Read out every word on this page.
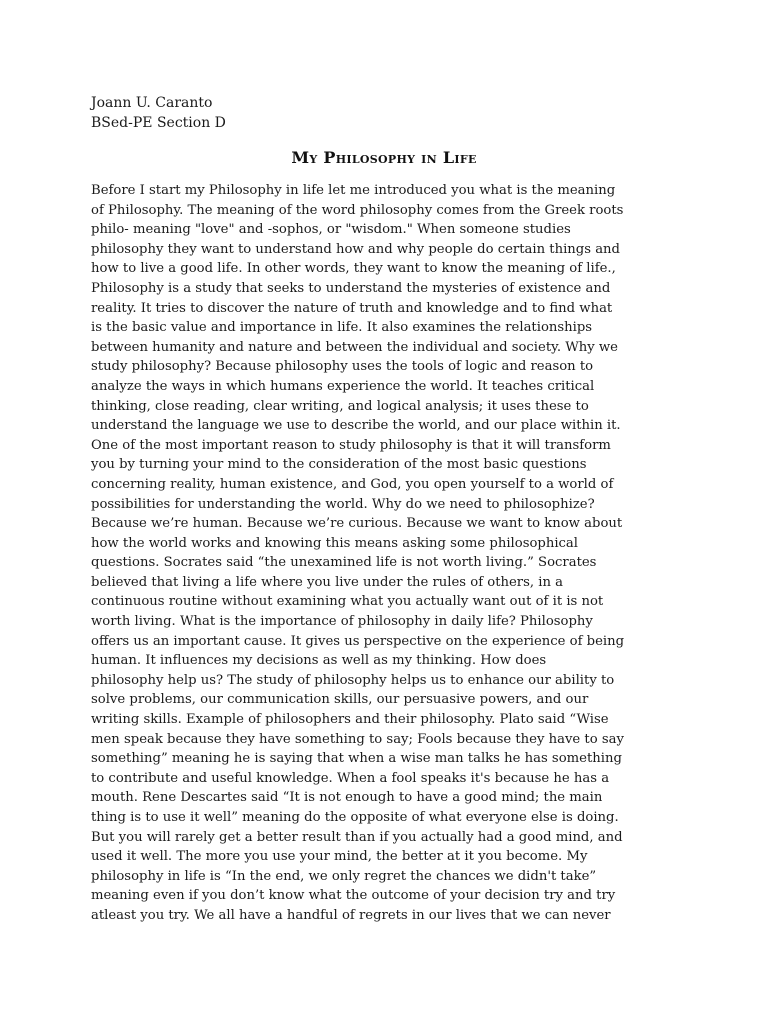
Joann U. Caranto
BSed-PE Section D
My Philosophy in Life
Before I start my Philosophy in life let me introduced you what is the meaning
of Philosophy. The meaning of the word philosophy comes from the Greek roots
philo- meaning "love" and -sophos, or "wisdom." When someone studies
philosophy they want to understand how and why people do certain things and
how to live a good life. In other words, they want to know the meaning of life.,
Philosophy is a study that seeks to understand the mysteries of existence and
reality. It tries to discover the nature of truth and knowledge and to find what
is the basic value and importance in life. It also examines the relationships
between humanity and nature and between the individual and society. Why we
study philosophy? Because philosophy uses the tools of logic and reason to
analyze the ways in which humans experience the world. It teaches critical
thinking, close reading, clear writing, and logical analysis; it uses these to
understand the language we use to describe the world, and our place within it.
One of the most important reason to study philosophy is that it will transform
you by turning your mind to the consideration of the most basic questions
concerning reality, human existence, and God, you open yourself to a world of
possibilities for understanding the world. Why do we need to philosophize?
Because we’re human. Because we’re curious. Because we want to know about
how the world works and knowing this means asking some philosophical
questions. Socrates said “the unexamined life is not worth living.” Socrates
believed that living a life where you live under the rules of others, in a
continuous routine without examining what you actually want out of it is not
worth living. What is the importance of philosophy in daily life? Philosophy
offers us an important cause. It gives us perspective on the experience of being
human. It influences my decisions as well as my thinking. How does
philosophy help us? The study of philosophy helps us to enhance our ability to
solve problems, our communication skills, our persuasive powers, and our
writing skills. Example of philosophers and their philosophy. Plato said “Wise
men speak because they have something to say; Fools because they have to say
something” meaning he is saying that when a wise man talks he has something
to contribute and useful knowledge. When a fool speaks it's because he has a
mouth. Rene Descartes said “It is not enough to have a good mind; the main
thing is to use it well” meaning do the opposite of what everyone else is doing.
But you will rarely get a better result than if you actually had a good mind, and
used it well. The more you use your mind, the better at it you become. My
philosophy in life is “In the end, we only regret the chances we didn't take”
meaning even if you don’t know what the outcome of your decision try and try
atleast you try. We all have a handful of regrets in our lives that we can never
